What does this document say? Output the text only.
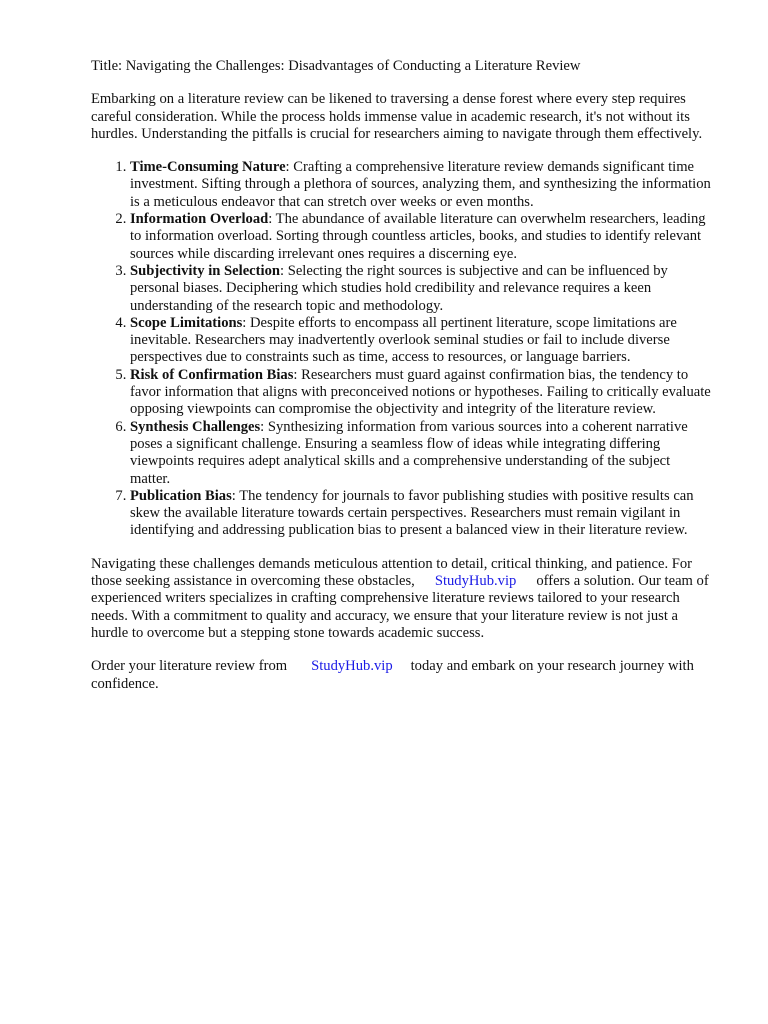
Title: Navigating the Challenges: Disadvantages of Conducting a Literature Review

Embarking on a literature review can be likened to traversing a dense forest where every step requires careful consideration. While the process holds immense value in academic research, it's not without its hurdles. Understanding the pitfalls is crucial for researchers aiming to navigate through them effectively.

1. Time-Consuming Nature: Crafting a comprehensive literature review demands significant time investment. Sifting through a plethora of sources, analyzing them, and synthesizing the information is a meticulous endeavor that can stretch over weeks or even months.
2. Information Overload: The abundance of available literature can overwhelm researchers, leading to information overload. Sorting through countless articles, books, and studies to identify relevant sources while discarding irrelevant ones requires a discerning eye.
3. Subjectivity in Selection: Selecting the right sources is subjective and can be influenced by personal biases. Deciphering which studies hold credibility and relevance requires a keen understanding of the research topic and methodology.
4. Scope Limitations: Despite efforts to encompass all pertinent literature, scope limitations are inevitable. Researchers may inadvertently overlook seminal studies or fail to include diverse perspectives due to constraints such as time, access to resources, or language barriers.
5. Risk of Confirmation Bias: Researchers must guard against confirmation bias, the tendency to favor information that aligns with preconceived notions or hypotheses. Failing to critically evaluate opposing viewpoints can compromise the objectivity and integrity of the literature review.
6. Synthesis Challenges: Synthesizing information from various sources into a coherent narrative poses a significant challenge. Ensuring a seamless flow of ideas while integrating differing viewpoints requires adept analytical skills and a comprehensive understanding of the subject matter.
7. Publication Bias: The tendency for journals to favor publishing studies with positive results can skew the available literature towards certain perspectives. Researchers must remain vigilant in identifying and addressing publication bias to present a balanced view in their literature review.

Navigating these challenges demands meticulous attention to detail, critical thinking, and patience. For those seeking assistance in overcoming these obstacles, StudyHub.vip offers a solution. Our team of experienced writers specializes in crafting comprehensive literature reviews tailored to your research needs. With a commitment to quality and accuracy, we ensure that your literature review is not just a hurdle to overcome but a stepping stone towards academic success.

Order your literature review from StudyHub.vip today and embark on your research journey with confidence.
